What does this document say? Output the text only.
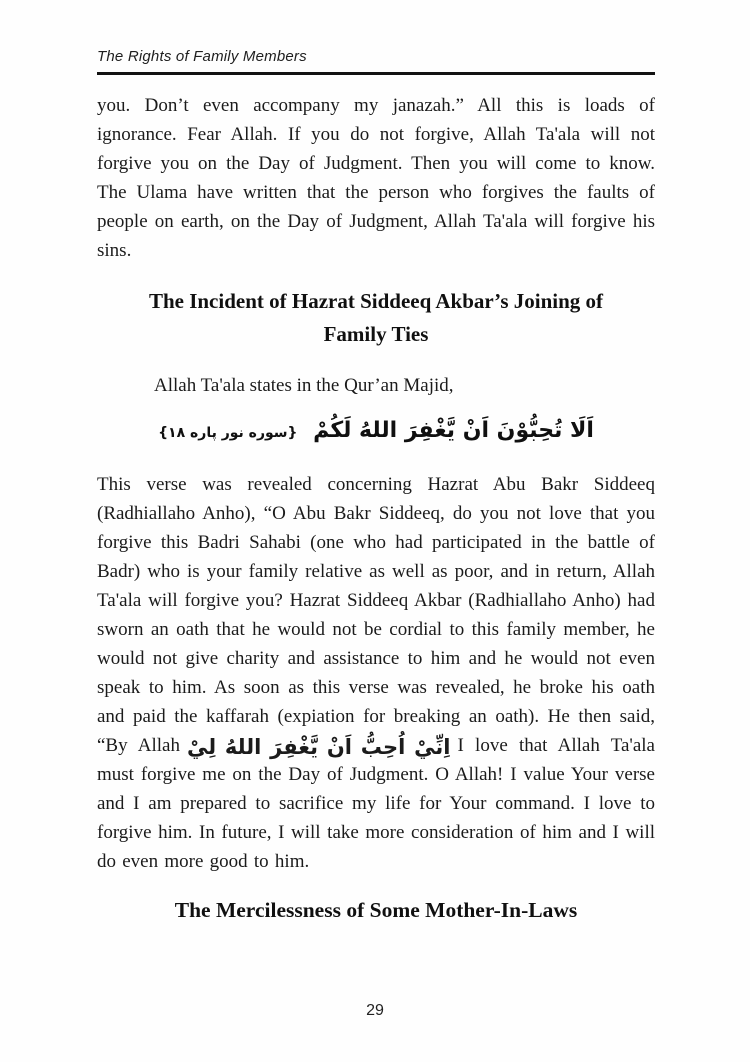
The Rights of Family Members

you. Don’t even accompany my janazah.” All this is loads of ignorance. Fear Allah. If you do not forgive, Allah Ta'ala will not forgive you on the Day of Judgment. Then you will come to know. The Ulama have written that the person who forgives the faults of people on earth, on the Day of Judgment, Allah Ta'ala will forgive his sins.

The Incident of Hazrat Siddeeq Akbar’s Joining of Family Ties

Allah Ta'ala states in the Qur’an Majid,

اَلَا تُحِبُّوْنَ اَنْ يَّغْفِرَ اللهُ لَكُمْ {سوره نور پاره ۱۸}

This verse was revealed concerning Hazrat Abu Bakr Siddeeq (Radhiallaho Anho), “O Abu Bakr Siddeeq, do you not love that you forgive this Badri Sahabi (one who had participated in the battle of Badr) who is your family relative as well as poor, and in return, Allah Ta'ala will forgive you? Hazrat Siddeeq Akbar (Radhiallaho Anho) had sworn an oath that he would not be cordial to this family member, he would not give charity and assistance to him and he would not even speak to him. As soon as this verse was revealed, he broke his oath and paid the kaffarah (expiation for breaking an oath). He then said, “By Allah اِنِّيْ اُحِبُّ اَنْ يَّغْفِرَ اللهُ لِيْ I love that Allah Ta'ala must forgive me on the Day of Judgment. O Allah! I value Your verse and I am prepared to sacrifice my life for Your command. I love to forgive him. In future, I will take more consideration of him and I will do even more good to him.

The Mercilessness of Some Mother-In-Laws
29
